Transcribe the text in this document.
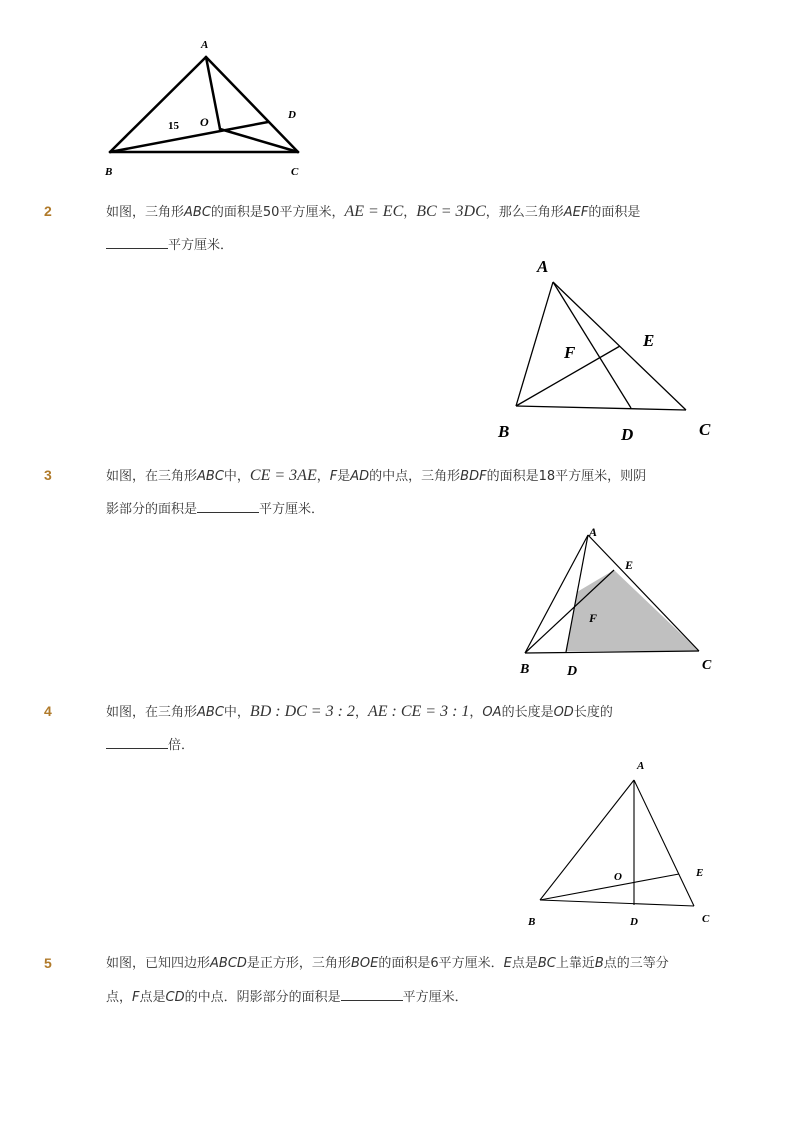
A
B	C
D
O
15
2	如图，三角形ABC的面积是50平方厘米，AE = EC，BC = 3DC，那么三角形AEF的面积是
平方厘米．
A
B	C
D
E
F
3	如图，在三角形ABC中，CE = 3AE，F是AD的中点，三角形BDF的面积是18平方厘米，则阴
影部分的面积是	平方厘米．
A
B	C
D
E
F
4	如图，在三角形ABC中，BD : DC = 3 : 2，AE : CE = 3 : 1，OA的长度是OD长度的
倍．
A
B	C
D
E
O
5	如图，已知四边形ABCD是正方形，三角形BOE的面积是6平方厘米．E点是BC上靠近B点的三等分
点，F点是CD的中点．阴影部分的面积是	平方厘米．
